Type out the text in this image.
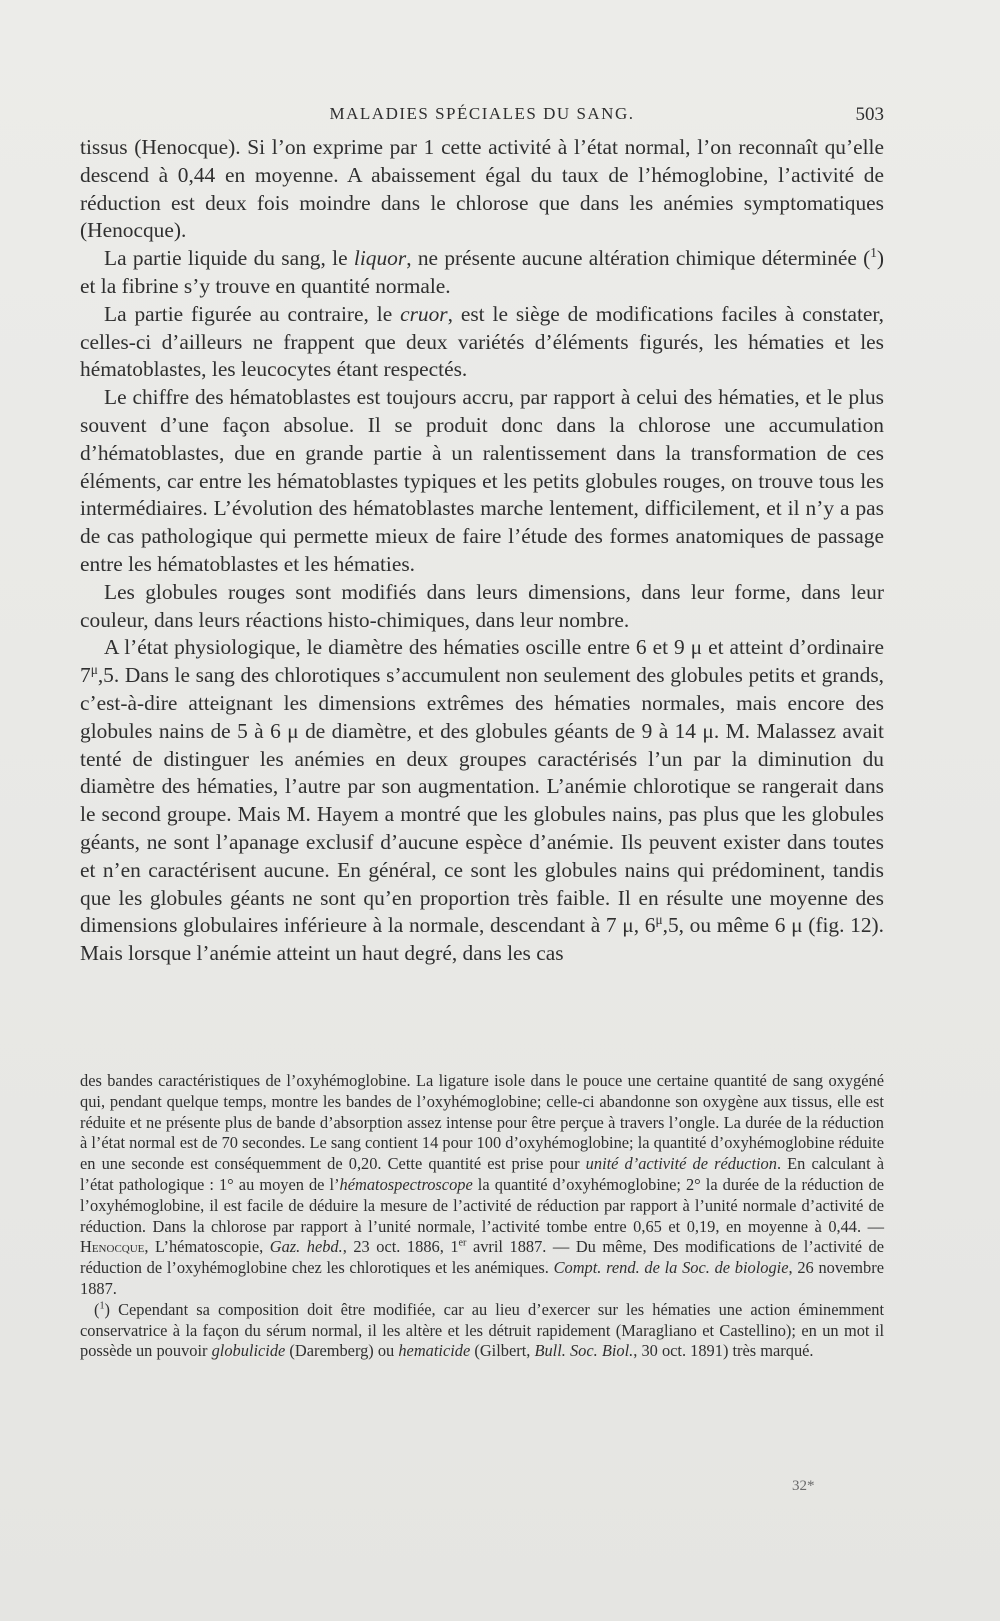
MALADIES SPÉCIALES DU SANG.	503

tissus (Henocque). Si l’on exprime par 1 cette activité à l’état normal, l’on reconnaît qu’elle descend à 0,44 en moyenne. A abaissement égal du taux de l’hémoglobine, l’activité de réduction est deux fois moindre dans le chlorose que dans les anémies symptomatiques (Henocque).

La partie liquide du sang, le liquor, ne présente aucune altération chimique déterminée ($^1$) et la fibrine s’y trouve en quantité normale.

La partie figurée au contraire, le cruor, est le siège de modifications faciles à constater, celles-ci d’ailleurs ne frappent que deux variétés d’éléments figurés, les hématies et les hématoblastes, les leucocytes étant respectés.

Le chiffre des hématoblastes est toujours accru, par rapport à celui des hématies, et le plus souvent d’une façon absolue. Il se produit donc dans la chlorose une accumulation d’hématoblastes, due en grande partie à un ralentissement dans la transformation de ces éléments, car entre les hématoblastes typiques et les petits globules rouges, on trouve tous les intermédiaires. L’évolution des hématoblastes marche lentement, difficilement, et il n’y a pas de cas pathologique qui permette mieux de faire l’étude des formes anatomiques de passage entre les hématoblastes et les hématies.

Les globules rouges sont modifiés dans leurs dimensions, dans leur forme, dans leur couleur, dans leurs réactions histo-chimiques, dans leur nombre.

A l’état physiologique, le diamètre des hématies oscille entre 6 et 9 μ et atteint d’ordinaire $7^\mu,5$. Dans le sang des chlorotiques s’accumulent non seulement des globules petits et grands, c’est-à-dire atteignant les dimensions extrêmes des hématies normales, mais encore des globules nains de 5 à 6 μ de diamètre, et des globules géants de 9 à 14 μ. M. Malassez avait tenté de distinguer les anémies en deux groupes caractérisés l’un par la diminution du diamètre des hématies, l’autre par son augmentation. L’anémie chlorotique se rangerait dans le second groupe. Mais M. Hayem a montré que les globules nains, pas plus que les globules géants, ne sont l’apanage exclusif d’aucune espèce d’anémie. Ils peuvent exister dans toutes et n’en caractérisent aucune. En général, ce sont les globules nains qui prédominent, tandis que les globules géants ne sont qu’en proportion très faible. Il en résulte une moyenne des dimensions globulaires inférieure à la normale, descendant à 7 μ, $6^\mu,5$, ou même 6 μ (fig. 12). Mais lorsque l’anémie atteint un haut degré, dans les cas

des bandes caractéristiques de l’oxyhémoglobine. La ligature isole dans le pouce une certaine quantité de sang oxygéné qui, pendant quelque temps, montre les bandes de l’oxyhémoglobine; celle-ci abandonne son oxygène aux tissus, elle est réduite et ne présente plus de bande d’absorption assez intense pour être perçue à travers l’ongle. La durée de la réduction à l’état normal est de 70 secondes. Le sang contient 14 pour 100 d’oxyhémoglobine; la quantité d’oxyhémoglobine réduite en une seconde est conséquemment de 0,20. Cette quantité est prise pour unité d’activité de réduction. En calculant à l’état pathologique : 1° au moyen de l’hématospectroscope la quantité d’oxyhémoglobine; 2° la durée de la réduction de l’oxyhémoglobine, il est facile de déduire la mesure de l’activité de réduction par rapport à l’unité normale d’activité de réduction. Dans la chlorose par rapport à l’unité normale, l’activité tombe entre 0,65 et 0,19, en moyenne à 0,44. — Henocque, L’hématoscopie, Gaz. hebd., 23 oct. 1886, 1er avril 1887. — Du même, Des modifications de l’activité de réduction de l’oxyhémoglobine chez les chlorotiques et les anémiques. Compt. rend. de la Soc. de biologie, 26 novembre 1887.

($^1$) Cependant sa composition doit être modifiée, car au lieu d’exercer sur les hématies une action éminemment conservatrice à la façon du sérum normal, il les altère et les détruit rapidement (Maragliano et Castellino); en un mot il possède un pouvoir globulicide (Daremberg) ou hematicide (Gilbert, Bull. Soc. Biol., 30 oct. 1891) très marqué.

32*
